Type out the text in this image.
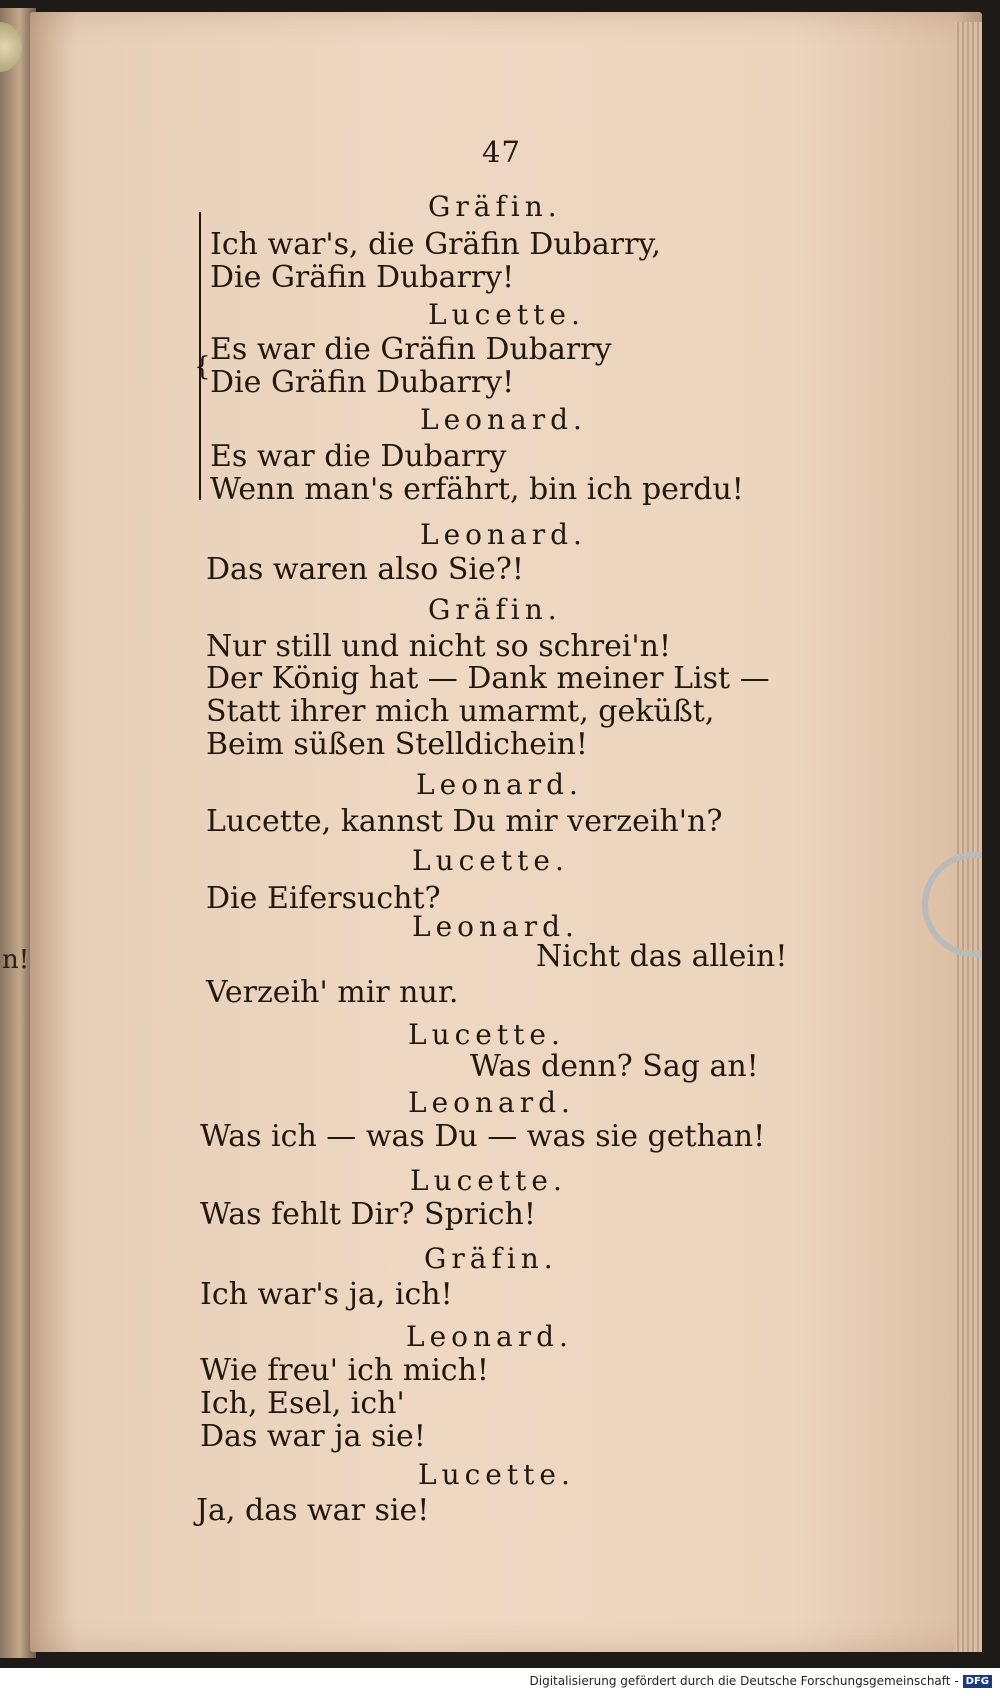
n!
47
{
Gräfin.
Ich war's, die Gräfin Dubarry,
Die Gräfin Dubarry!
Lucette.
Es war die Gräfin Dubarry
Die Gräfin Dubarry!
Leonard.
Es war die Dubarry
Wenn man's erfährt, bin ich perdu!
Leonard.
Das waren also Sie?!
Gräfin.
Nur still und nicht so schrei'n!
Der König hat — Dank meiner List —
Statt ihrer mich umarmt, geküßt,
Beim süßen Stelldichein!
Leonard.
Lucette, kannst Du mir verzeih'n?
Lucette.
Die Eifersucht?
Leonard.
Nicht das allein!
Verzeih' mir nur.
Lucette.
Was denn? Sag an!
Leonard.
Was ich — was Du — was sie gethan!
Lucette.
Was fehlt Dir? Sprich!
Gräfin.
Ich war's ja, ich!
Leonard.
Wie freu' ich mich!
Ich, Esel, ich'
Das war ja sie!
Lucette.
Ja, das war sie!
Digitalisierung gefördert durch die Deutsche Forschungsgemeinschaft - DFG
